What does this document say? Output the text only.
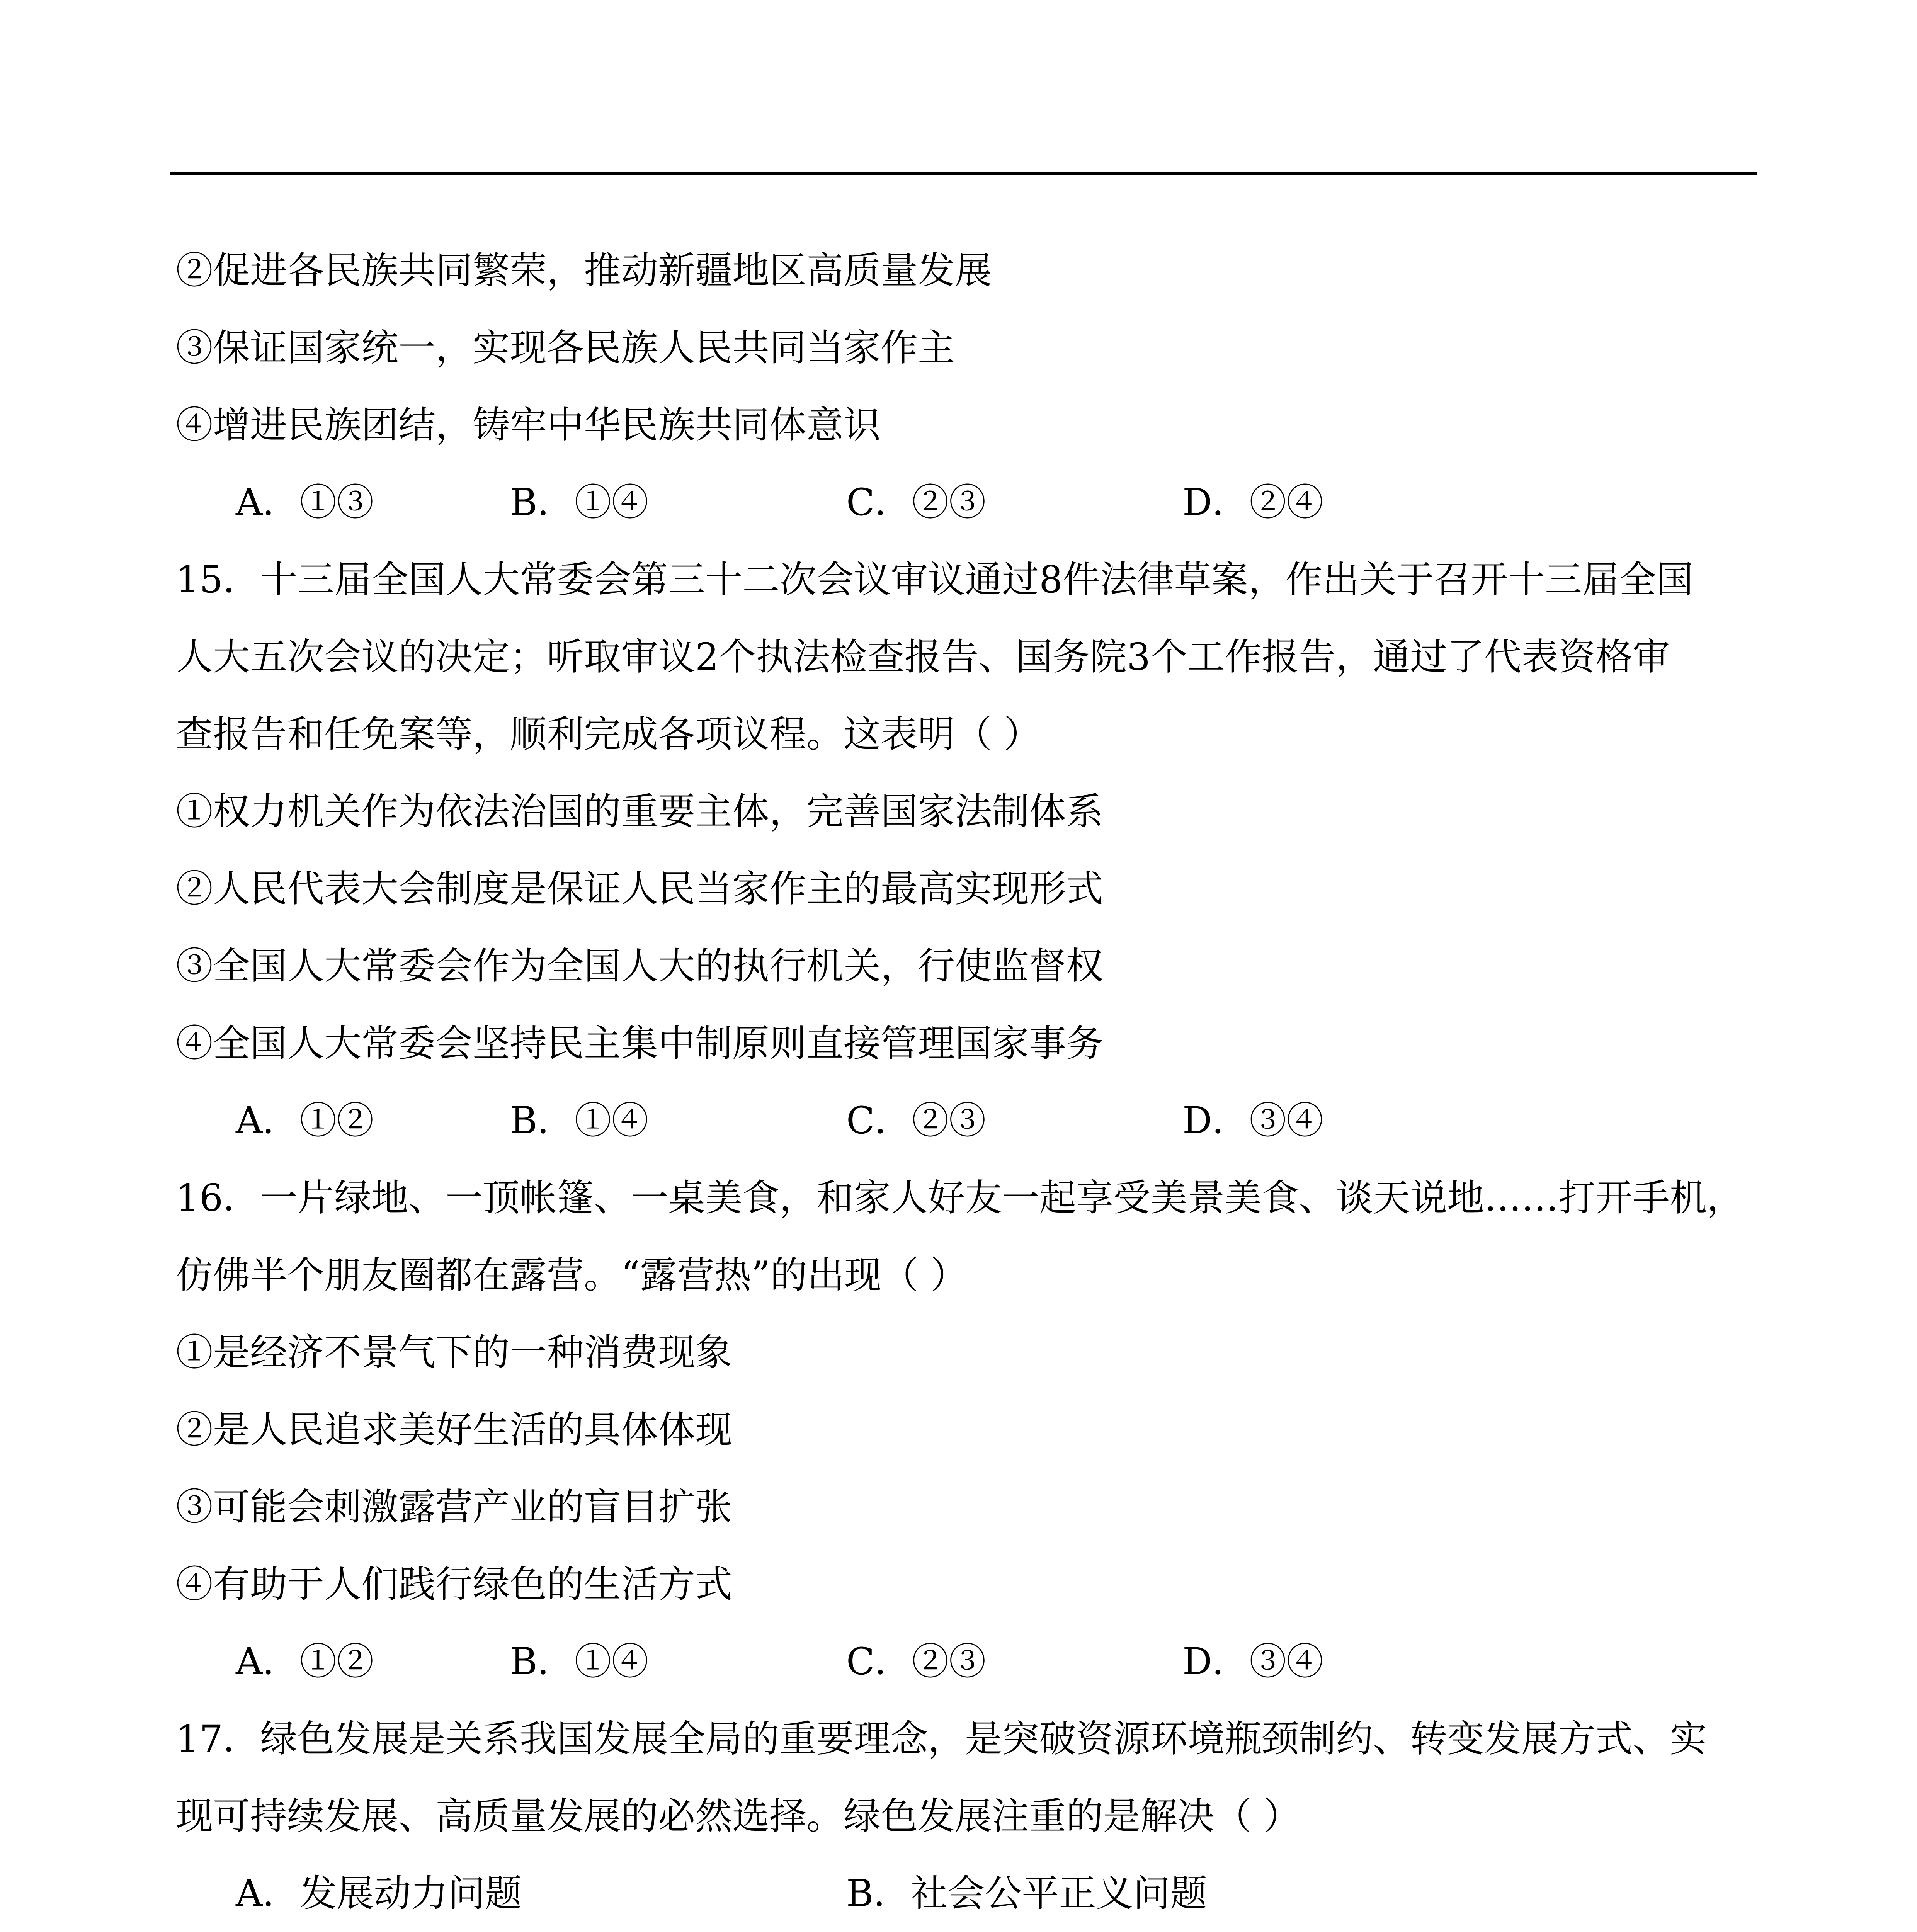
②促进各民族共同繁荣，推动新疆地区高质量发展
③保证国家统一，实现各民族人民共同当家作主
④增进民族团结，铸牢中华民族共同体意识
A．①③	B．①④	C．②③	D．②④
15．十三届全国人大常委会第三十二次会议审议通过8件法律草案，作出关于召开十三届全国
人大五次会议的决定；听取审议2个执法检查报告、国务院3个工作报告，通过了代表资格审
查报告和任免案等，顺利完成各项议程。这表明（ ）
①权力机关作为依法治国的重要主体，完善国家法制体系
②人民代表大会制度是保证人民当家作主的最高实现形式
③全国人大常委会作为全国人大的执行机关，行使监督权
④全国人大常委会坚持民主集中制原则直接管理国家事务
A．①②	B．①④	C．②③	D．③④
16．一片绿地、一顶帐篷、一桌美食，和家人好友一起享受美景美食、谈天说地……打开手机，
仿佛半个朋友圈都在露营。“露营热”的出现（ ）
①是经济不景气下的一种消费现象
②是人民追求美好生活的具体体现
③可能会刺激露营产业的盲目扩张
④有助于人们践行绿色的生活方式
A．①②	B．①④	C．②③	D．③④
17．绿色发展是关系我国发展全局的重要理念，是突破资源环境瓶颈制约、转变发展方式、实
现可持续发展、高质量发展的必然选择。绿色发展注重的是解决（ ）
A．发展动力问题	B．社会公平正义问题
